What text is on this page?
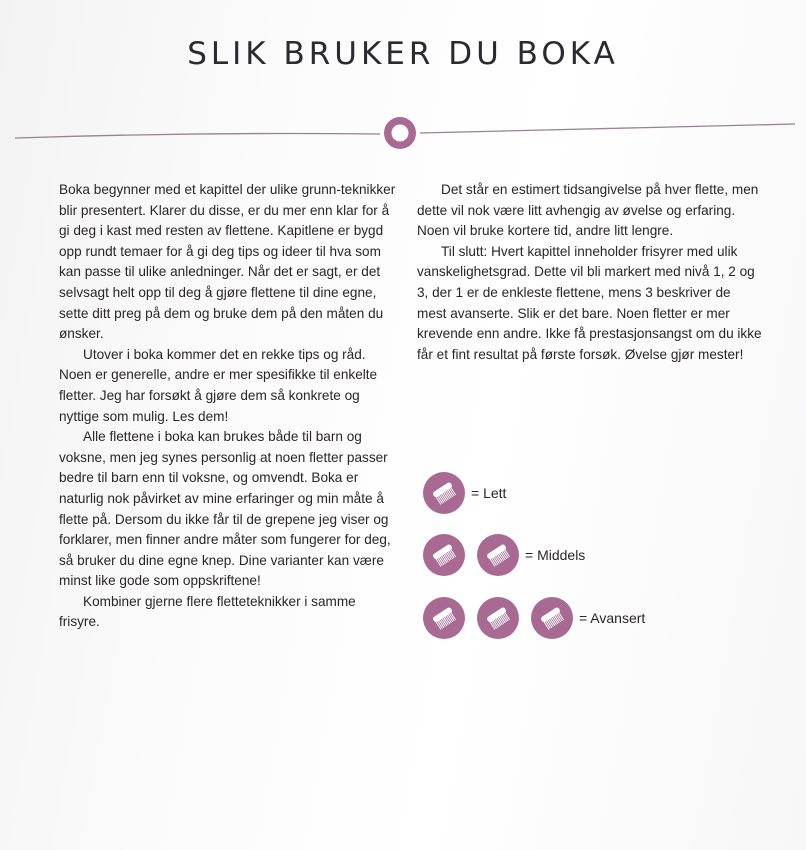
SLIK BRUKER DU BOKA

Boka begynner med et kapittel der ulike grunn-teknikker blir presentert. Klarer du disse, er du mer enn klar for å gi deg i kast med resten av flettene. Kapitlene er bygd opp rundt temaer for å gi deg tips og ideer til hva som kan passe til ulike anledninger. Når det er sagt, er det selvsagt helt opp til deg å gjøre flettene til dine egne, sette ditt preg på dem og bruke dem på den måten du ønsker.

Utover i boka kommer det en rekke tips og råd. Noen er generelle, andre er mer spesifikke til enkelte fletter. Jeg har forsøkt å gjøre dem så konkrete og nyttige som mulig. Les dem!

Alle flettene i boka kan brukes både til barn og voksne, men jeg synes personlig at noen fletter passer bedre til barn enn til voksne, og omvendt. Boka er naturlig nok påvirket av mine erfaringer og min måte å flette på. Dersom du ikke får til de grepene jeg viser og forklarer, men finner andre måter som fungerer for deg, så bruker du dine egne knep. Dine varianter kan være minst like gode som oppskriftene!

Kombiner gjerne flere fletteteknikker i samme frisyre.

Det står en estimert tidsangivelse på hver flette, men dette vil nok være litt avhengig av øvelse og erfaring. Noen vil bruke kortere tid, andre litt lengre.

Til slutt: Hvert kapittel inneholder frisyrer med ulik vanskelighetsgrad. Dette vil bli markert med nivå 1, 2 og 3, der 1 er de enkleste flettene, mens 3 beskriver de mest avanserte. Slik er det bare. Noen fletter er mer krevende enn andre. Ikke få prestasjonsangst om du ikke får et fint resultat på første forsøk. Øvelse gjør mester!

= Lett
= Middels
= Avansert
